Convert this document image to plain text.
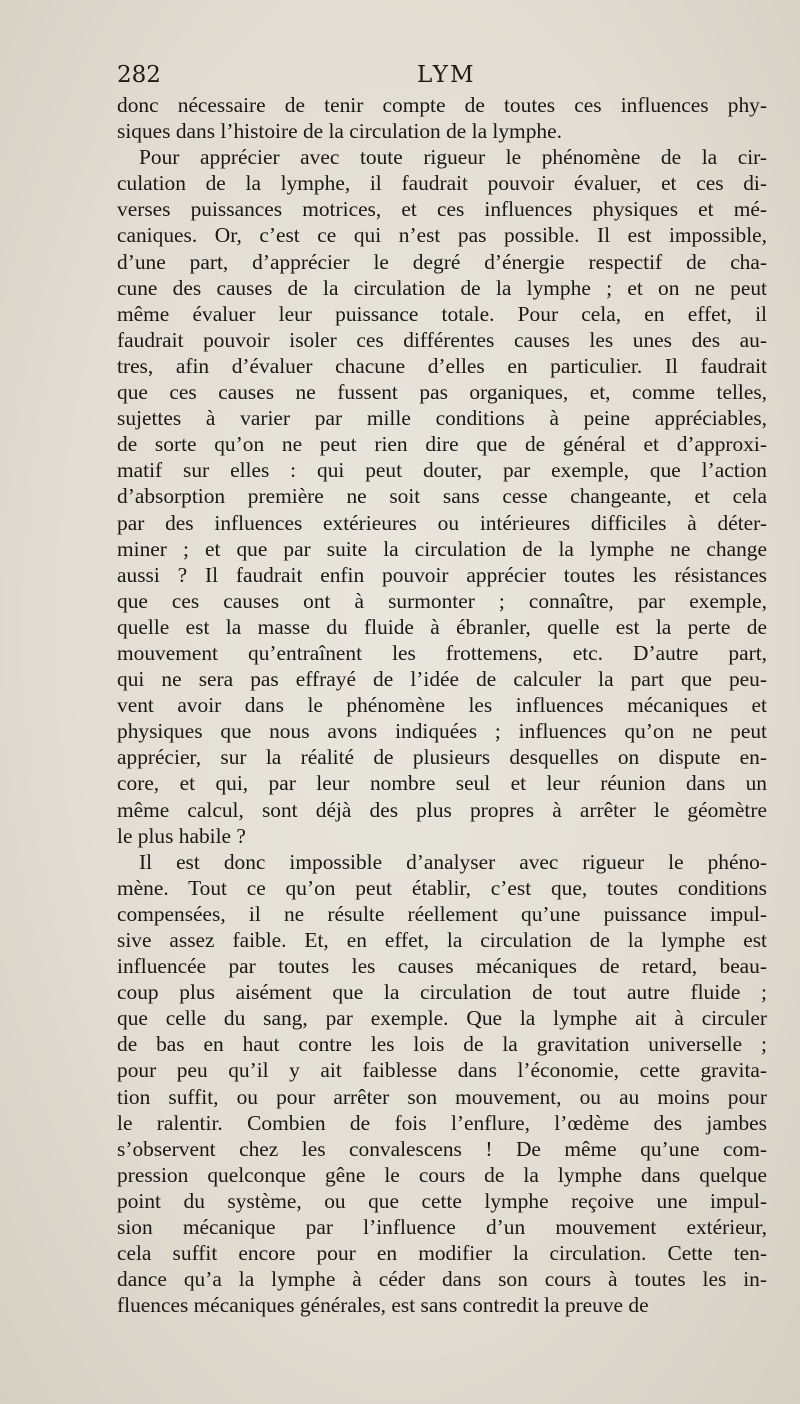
282	LYM
donc nécessaire de tenir compte de toutes ces influences phy-
siques dans l’histoire de la circulation de la lymphe.
Pour apprécier avec toute rigueur le phénomène de la cir-
culation de la lymphe, il faudrait pouvoir évaluer, et ces di-
verses puissances motrices, et ces influences physiques et mé-
caniques. Or, c’est ce qui n’est pas possible. Il est impossible,
d’une part, d’apprécier le degré d’énergie respectif de cha-
cune des causes de la circulation de la lymphe ; et on ne peut
même évaluer leur puissance totale. Pour cela, en effet, il
faudrait pouvoir isoler ces différentes causes les unes des au-
tres, afin d’évaluer chacune d’elles en particulier. Il faudrait
que ces causes ne fussent pas organiques, et, comme telles,
sujettes à varier par mille conditions à peine appréciables,
de sorte qu’on ne peut rien dire que de général et d’approxi-
matif sur elles : qui peut douter, par exemple, que l’action
d’absorption première ne soit sans cesse changeante, et cela
par des influences extérieures ou intérieures difficiles à déter-
miner ; et que par suite la circulation de la lymphe ne change
aussi ? Il faudrait enfin pouvoir apprécier toutes les résistances
que ces causes ont à surmonter ; connaître, par exemple,
quelle est la masse du fluide à ébranler, quelle est la perte de
mouvement qu’entraînent les frottemens, etc. D’autre part,
qui ne sera pas effrayé de l’idée de calculer la part que peu-
vent avoir dans le phénomène les influences mécaniques et
physiques que nous avons indiquées ; influences qu’on ne peut
apprécier, sur la réalité de plusieurs desquelles on dispute en-
core, et qui, par leur nombre seul et leur réunion dans un
même calcul, sont déjà des plus propres à arrêter le géomètre
le plus habile ?
Il est donc impossible d’analyser avec rigueur le phéno-
mène. Tout ce qu’on peut établir, c’est que, toutes conditions
compensées, il ne résulte réellement qu’une puissance impul-
sive assez faible. Et, en effet, la circulation de la lymphe est
influencée par toutes les causes mécaniques de retard, beau-
coup plus aisément que la circulation de tout autre fluide ;
que celle du sang, par exemple. Que la lymphe ait à circuler
de bas en haut contre les lois de la gravitation universelle ;
pour peu qu’il y ait faiblesse dans l’économie, cette gravita-
tion suffit, ou pour arrêter son mouvement, ou au moins pour
le ralentir. Combien de fois l’enflure, l’œdème des jambes
s’observent chez les convalescens ! De même qu’une com-
pression quelconque gêne le cours de la lymphe dans quelque
point du système, ou que cette lymphe reçoive une impul-
sion mécanique par l’influence d’un mouvement extérieur,
cela suffit encore pour en modifier la circulation. Cette ten-
dance qu’a la lymphe à céder dans son cours à toutes les in-
fluences mécaniques générales, est sans contredit la preuve de
